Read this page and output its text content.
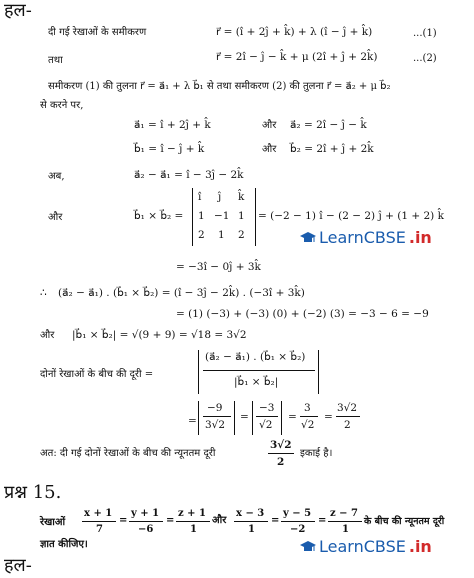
हल-
दी गई रेखाओं के समीकरण	r⃗ = (î + 2ĵ + k̂) + λ (î − ĵ + k̂)	...(1)
तथा	r⃗ = 2î − ĵ − k̂ + μ (2î + ĵ + 2k̂)	...(2)
समीकरण (1) की तुलना r⃗ = a⃗₁ + λ b⃗₁ से तथा समीकरण (2) की तुलना r⃗ = a⃗₂ + μ b⃗₂
से करने पर,
a⃗₁ = î + 2ĵ + k̂	और a⃗₂ = 2î − ĵ − k̂
b⃗₁ = î − ĵ + k̂	और b⃗₂ = 2î + ĵ + 2k̂
अब,	a⃗₂ − a⃗₁ = î − 3ĵ − 2k̂
और	b⃗₁ × b⃗₂ =
î ĵ k̂
1 −1 1
2 1 2
= (−2 − 1) î − (2 − 2) ĵ + (1 + 2) k̂
LearnCBSE .in
= −3î − 0ĵ + 3k̂
∴ (a⃗₂ − a⃗₁) . (b⃗₁ × b⃗₂) = (î − 3ĵ − 2k̂) . (−3î + 3k̂)
= (1) (−3) + (−3) (0) + (−2) (3) = −3 − 6 = −9
और |b⃗₁ × b⃗₂| = √(9 + 9) = √18 = 3√2
दोनों रेखाओं के बीच की दूरी =
(a⃗₂ − a⃗₁) . (b⃗₁ × b⃗₂)
|b⃗₁ × b⃗₂|
=
−9
3√2
=
−3
√2
=
3
√2
=
3√2
2
अत: दी गई दोनों रेखाओं के बीच की न्यूनतम दूरी
3√2
2
इकाई है।
प्रश्न 15.
रेखाओं
x + 1
7
=
y + 1
−6
=
z + 1
1
और
x − 3
1
=
y − 5
−2
=
z − 7
1
के बीच की न्यूनतम दूरी
ज्ञात कीजिए।	LearnCBSE .in
हल-
